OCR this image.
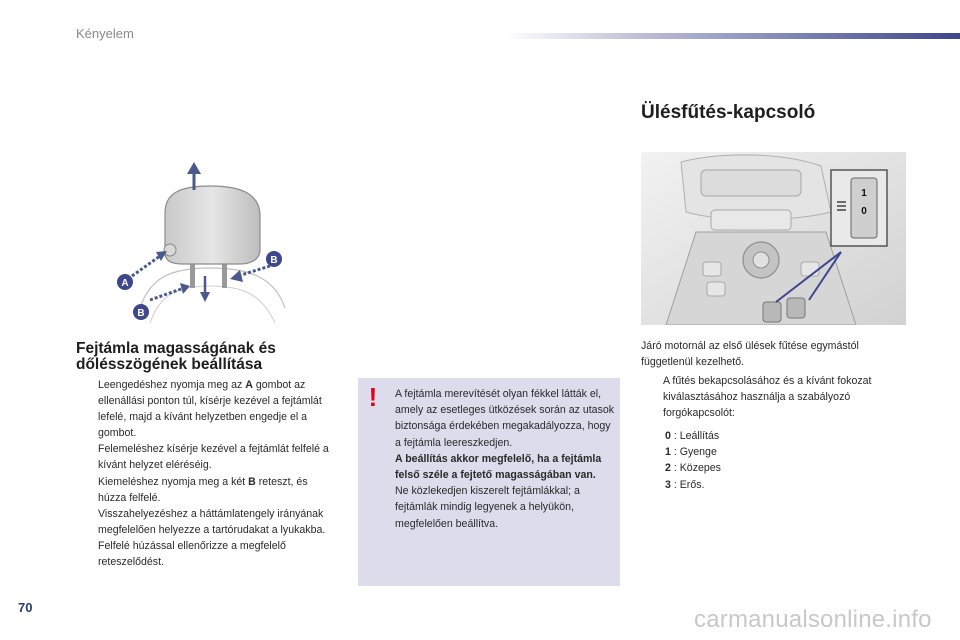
Kényelem
A
B
B
Fejtámla magasságának és dőlésszögének beállítása
Leengedéshez nyomja meg az A gombot az ellenállási ponton túl, kísérje kezével a fejtámlát lefelé, majd a kívánt helyzetben engedje el a gombot.
Felemeléshez kísérje kezével a fejtámlát felfelé a kívánt helyzet eléréséig.
Kiemeléshez nyomja meg a két B reteszt, és húzza felfelé.
Visszahelyezéshez a háttámlatengely irányának megfelelően helyezze a tartórudakat a lyukakba. Felfelé húzással ellenőrizze a megfelelő reteszelődést.
! A fejtámla merevítését olyan fékkel látták el, amely az esetleges ütközések során az utasok biztonsága érdekében megakadályozza, hogy a fejtámla leereszkedjen.

A beállítás akkor megfelelő, ha a fejtámla felső széle a fejtető magasságában van.

Ne közlekedjen kiszerelt fejtámlákkal; a fejtámlák mindig legyenek a helyükön, megfelelően beállítva.

Ülésfűtés-kapcsoló
1
0
Járó motornál az első ülések fűtése egymástól függetlenül kezelhető.
A fűtés bekapcsolásához és a kívánt fokozat kiválasztásához használja a szabályozó forgókapcsolót:
0 : Leállítás
1 : Gyenge
2 : Közepes
3 : Erős.
70	carmanualsonline.info
